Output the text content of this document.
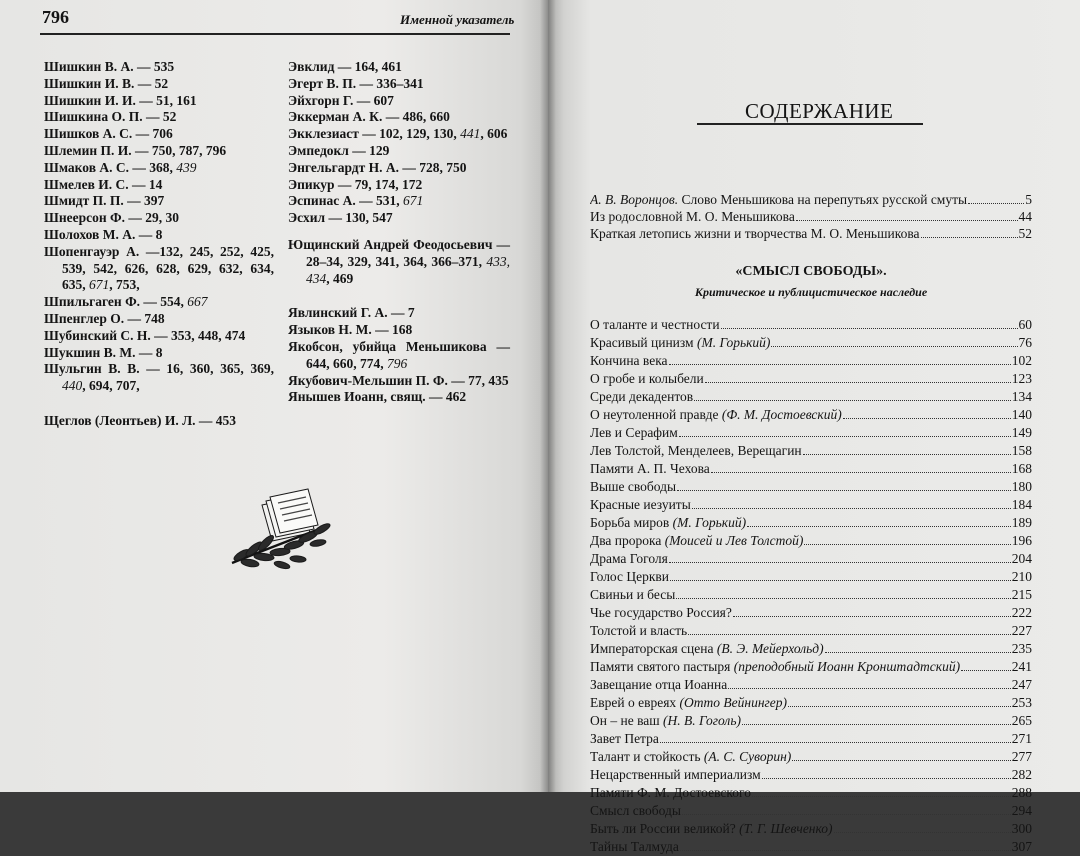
796	Именной указатель
Шишкин В. А. — 535
Шишкин И. В. — 52
Шишкин И. И. — 51, 161
Шишкина О. П. — 52
Шишков А. С. — 706
Шлемин П. И. — 750, 787, 796
Шмаков А. С. — 368, 439
Шмелев И. С. — 14
Шмидт П. П. — 397
Шнеерсон Ф. — 29, 30
Шолохов М. А. — 8
Шопенгауэр А. —132, 245, 252, 425, 539, 542, 626, 628, 629, 632, 634, 635, 671, 753,
Шпильгаген Ф. — 554, 667
Шпенглер О. — 748
Шубинский С. Н. — 353, 448, 474
Шукшин В. М. — 8
Шульгин В. В. — 16, 360, 365, 369, 440, 694, 707,
Щеглов (Леонтьев) И. Л. — 453
Эвклид — 164, 461
Эгерт В. П. — 336–341
Эйхгорн Г. — 607
Эккерман А. К. — 486, 660
Экклезиаст — 102, 129, 130, 441, 606
Эмпедокл — 129
Энгельгардт Н. А. — 728, 750
Эпикур — 79, 174, 172
Эспинас А. — 531, 671
Эсхил — 130, 547
Ющинский Андрей Феодосьевич — 28–34, 329, 341, 364, 366–371, 433, 434, 469
Явлинский Г. А. — 7
Языков Н. М. — 168
Якобсон, убийца Меньшикова — 644, 660, 774, 796
Якубович-Мельшин П. Ф. — 77, 435
Янышев Иоанн, свящ. — 462
СОДЕРЖАНИЕ
А. В. Воронцов. Слово Меньшикова на перепутьях русской смуты	5
Из родословной М. О. Меньшикова	44
Краткая летопись жизни и творчества М. О. Меньшикова	52
«СМЫСЛ СВОБОДЫ».
Критическое и публицистическое наследие
О таланте и честности	60
Красивый цинизм (М. Горький)	76
Кончина века	102
О гробе и колыбели	123
Среди декадентов	134
О неутоленной правде (Ф. М. Достоевский)	140
Лев и Серафим	149
Лев Толстой, Менделеев, Верещагин	158
Памяти А. П. Чехова	168
Выше свободы	180
Красные иезуиты	184
Борьба миров (М. Горький)	189
Два пророка (Моисей и Лев Толстой)	196
Драма Гоголя	204
Голос Церкви	210
Свиньи и бесы	215
Чье государство Россия?	222
Толстой и власть	227
Императорская сцена (В. Э. Мейерхольд)	235
Памяти святого пастыря (преподобный Иоанн Кронштадтский)	241
Завещание отца Иоанна	247
Еврей о евреях (Отто Вейнингер)	253
Он – не ваш (Н. В. Гоголь)	265
Завет Петра	271
Талант и стойкость (А. С. Суворин)	277
Нецарственный империализм	282
Памяти Ф. М. Достоевского	288
Смысл свободы	294
Быть ли России великой? (Т. Г. Шевченко)	300
Тайны Талмуда	307
